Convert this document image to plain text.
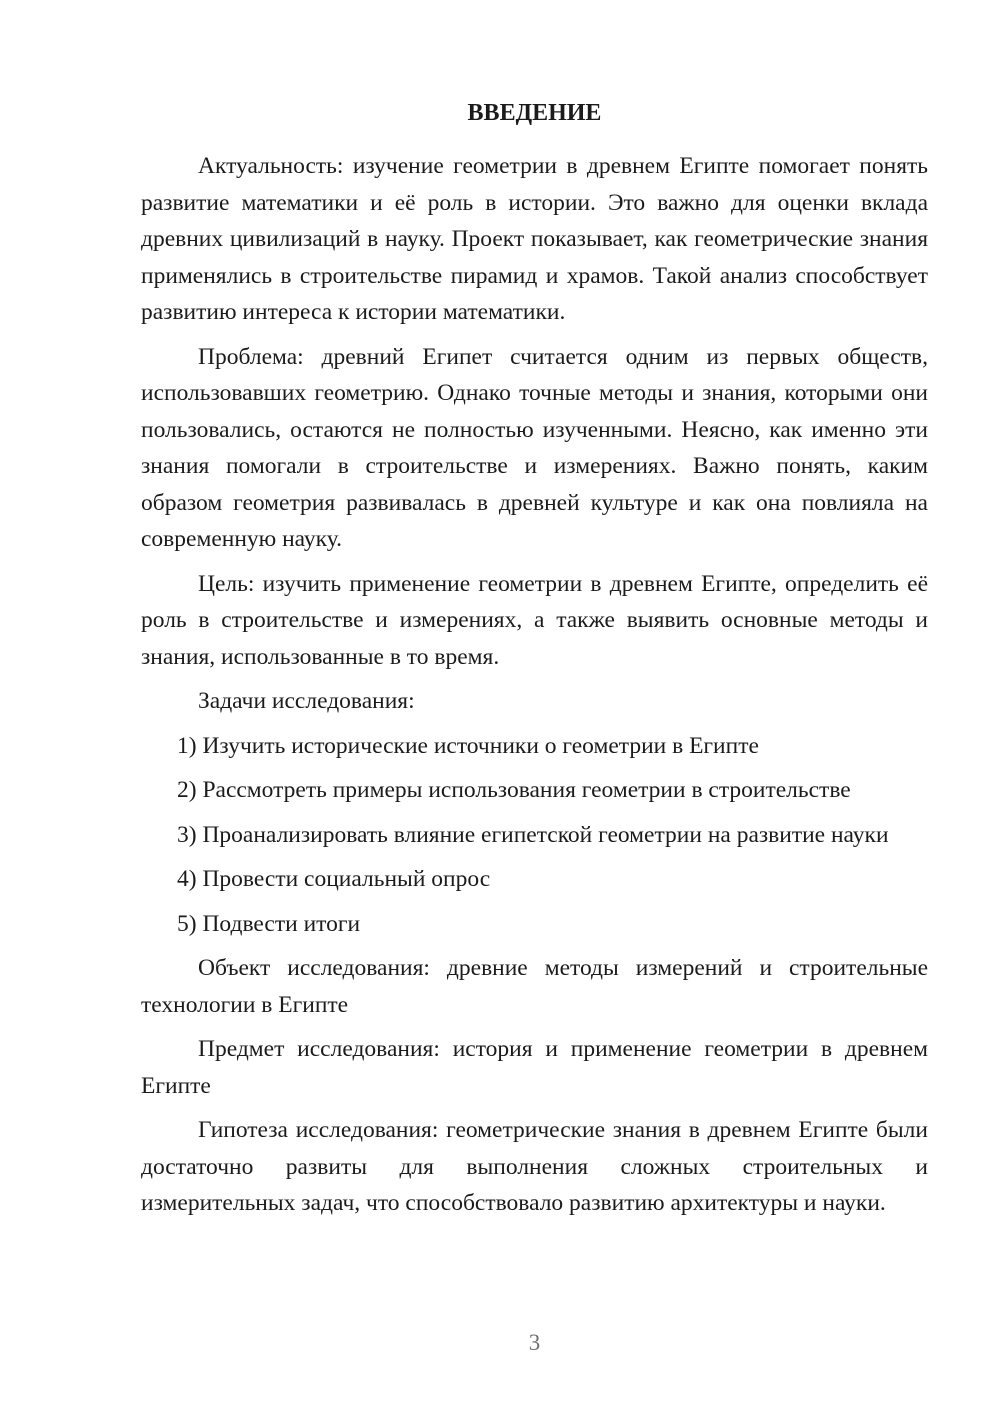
ВВЕДЕНИЕ

Актуальность: изучение геометрии в древнем Египте помогает понять развитие математики и её роль в истории. Это важно для оценки вклада древних цивилизаций в науку. Проект показывает, как геометрические знания применялись в строительстве пирамид и храмов. Такой анализ способствует развитию интереса к истории математики.

Проблема: древний Египет считается одним из первых обществ, использовавших геометрию. Однако точные методы и знания, которыми они пользовались, остаются не полностью изученными. Неясно, как именно эти знания помогали в строительстве и измерениях. Важно понять, каким образом геометрия развивалась в древней культуре и как она повлияла на современную науку.

Цель: изучить применение геометрии в древнем Египте, определить её роль в строительстве и измерениях, а также выявить основные методы и знания, использованные в то время.

Задачи исследования:

1) Изучить исторические источники о геометрии в Египте

2) Рассмотреть примеры использования геометрии в строительстве

3) Проанализировать влияние египетской геометрии на развитие науки

4) Провести социальный опрос

5) Подвести итоги

Объект исследования: древние методы измерений и строительные технологии в Египте

Предмет исследования: история и применение геометрии в древнем Египте

Гипотеза исследования: геометрические знания в древнем Египте были достаточно развиты для выполнения сложных строительных и измерительных задач, что способствовало развитию архитектуры и науки.

3
